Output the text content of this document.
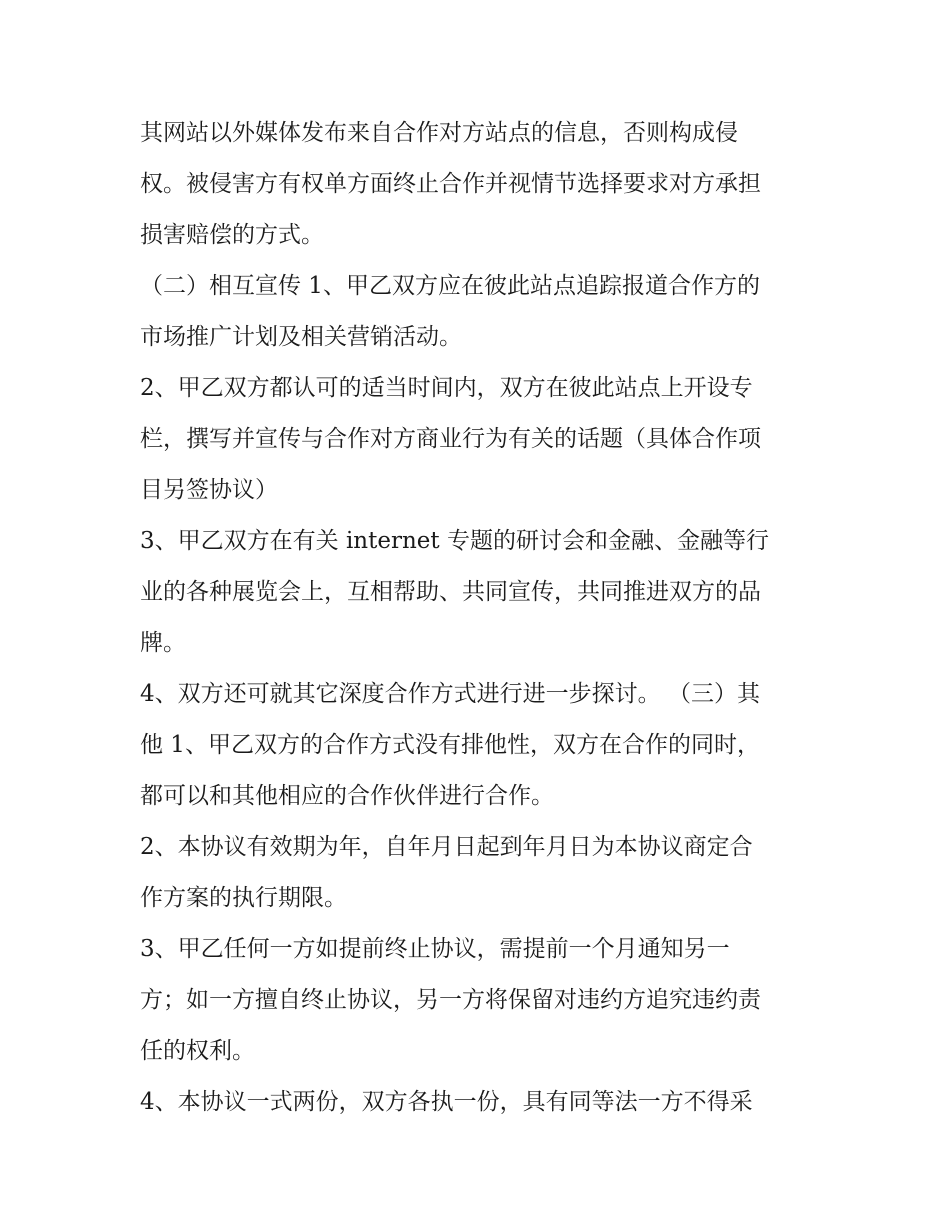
其网站以外媒体发布来自合作对方站点的信息，否则构成侵
权。被侵害方有权单方面终止合作并视情节选择要求对方承担
损害赔偿的方式。
（二）相互宣传 1、甲乙双方应在彼此站点追踪报道合作方的
市场推广计划及相关营销活动。
2、甲乙双方都认可的适当时间内，双方在彼此站点上开设专
栏，撰写并宣传与合作对方商业行为有关的话题（具体合作项
目另签协议）
3、甲乙双方在有关 internet 专题的研讨会和金融、金融等行
业的各种展览会上，互相帮助、共同宣传，共同推进双方的品
牌。
4、双方还可就其它深度合作方式进行进一步探讨。 （三）其
他 1、甲乙双方的合作方式没有排他性，双方在合作的同时，
都可以和其他相应的合作伙伴进行合作。
2、本协议有效期为年，自年月日起到年月日为本协议商定合
作方案的执行期限。
3、甲乙任何一方如提前终止协议，需提前一个月通知另一
方；如一方擅自终止协议，另一方将保留对违约方追究违约责
任的权利。
4、本协议一式两份，双方各执一份，具有同等法一方不得采
